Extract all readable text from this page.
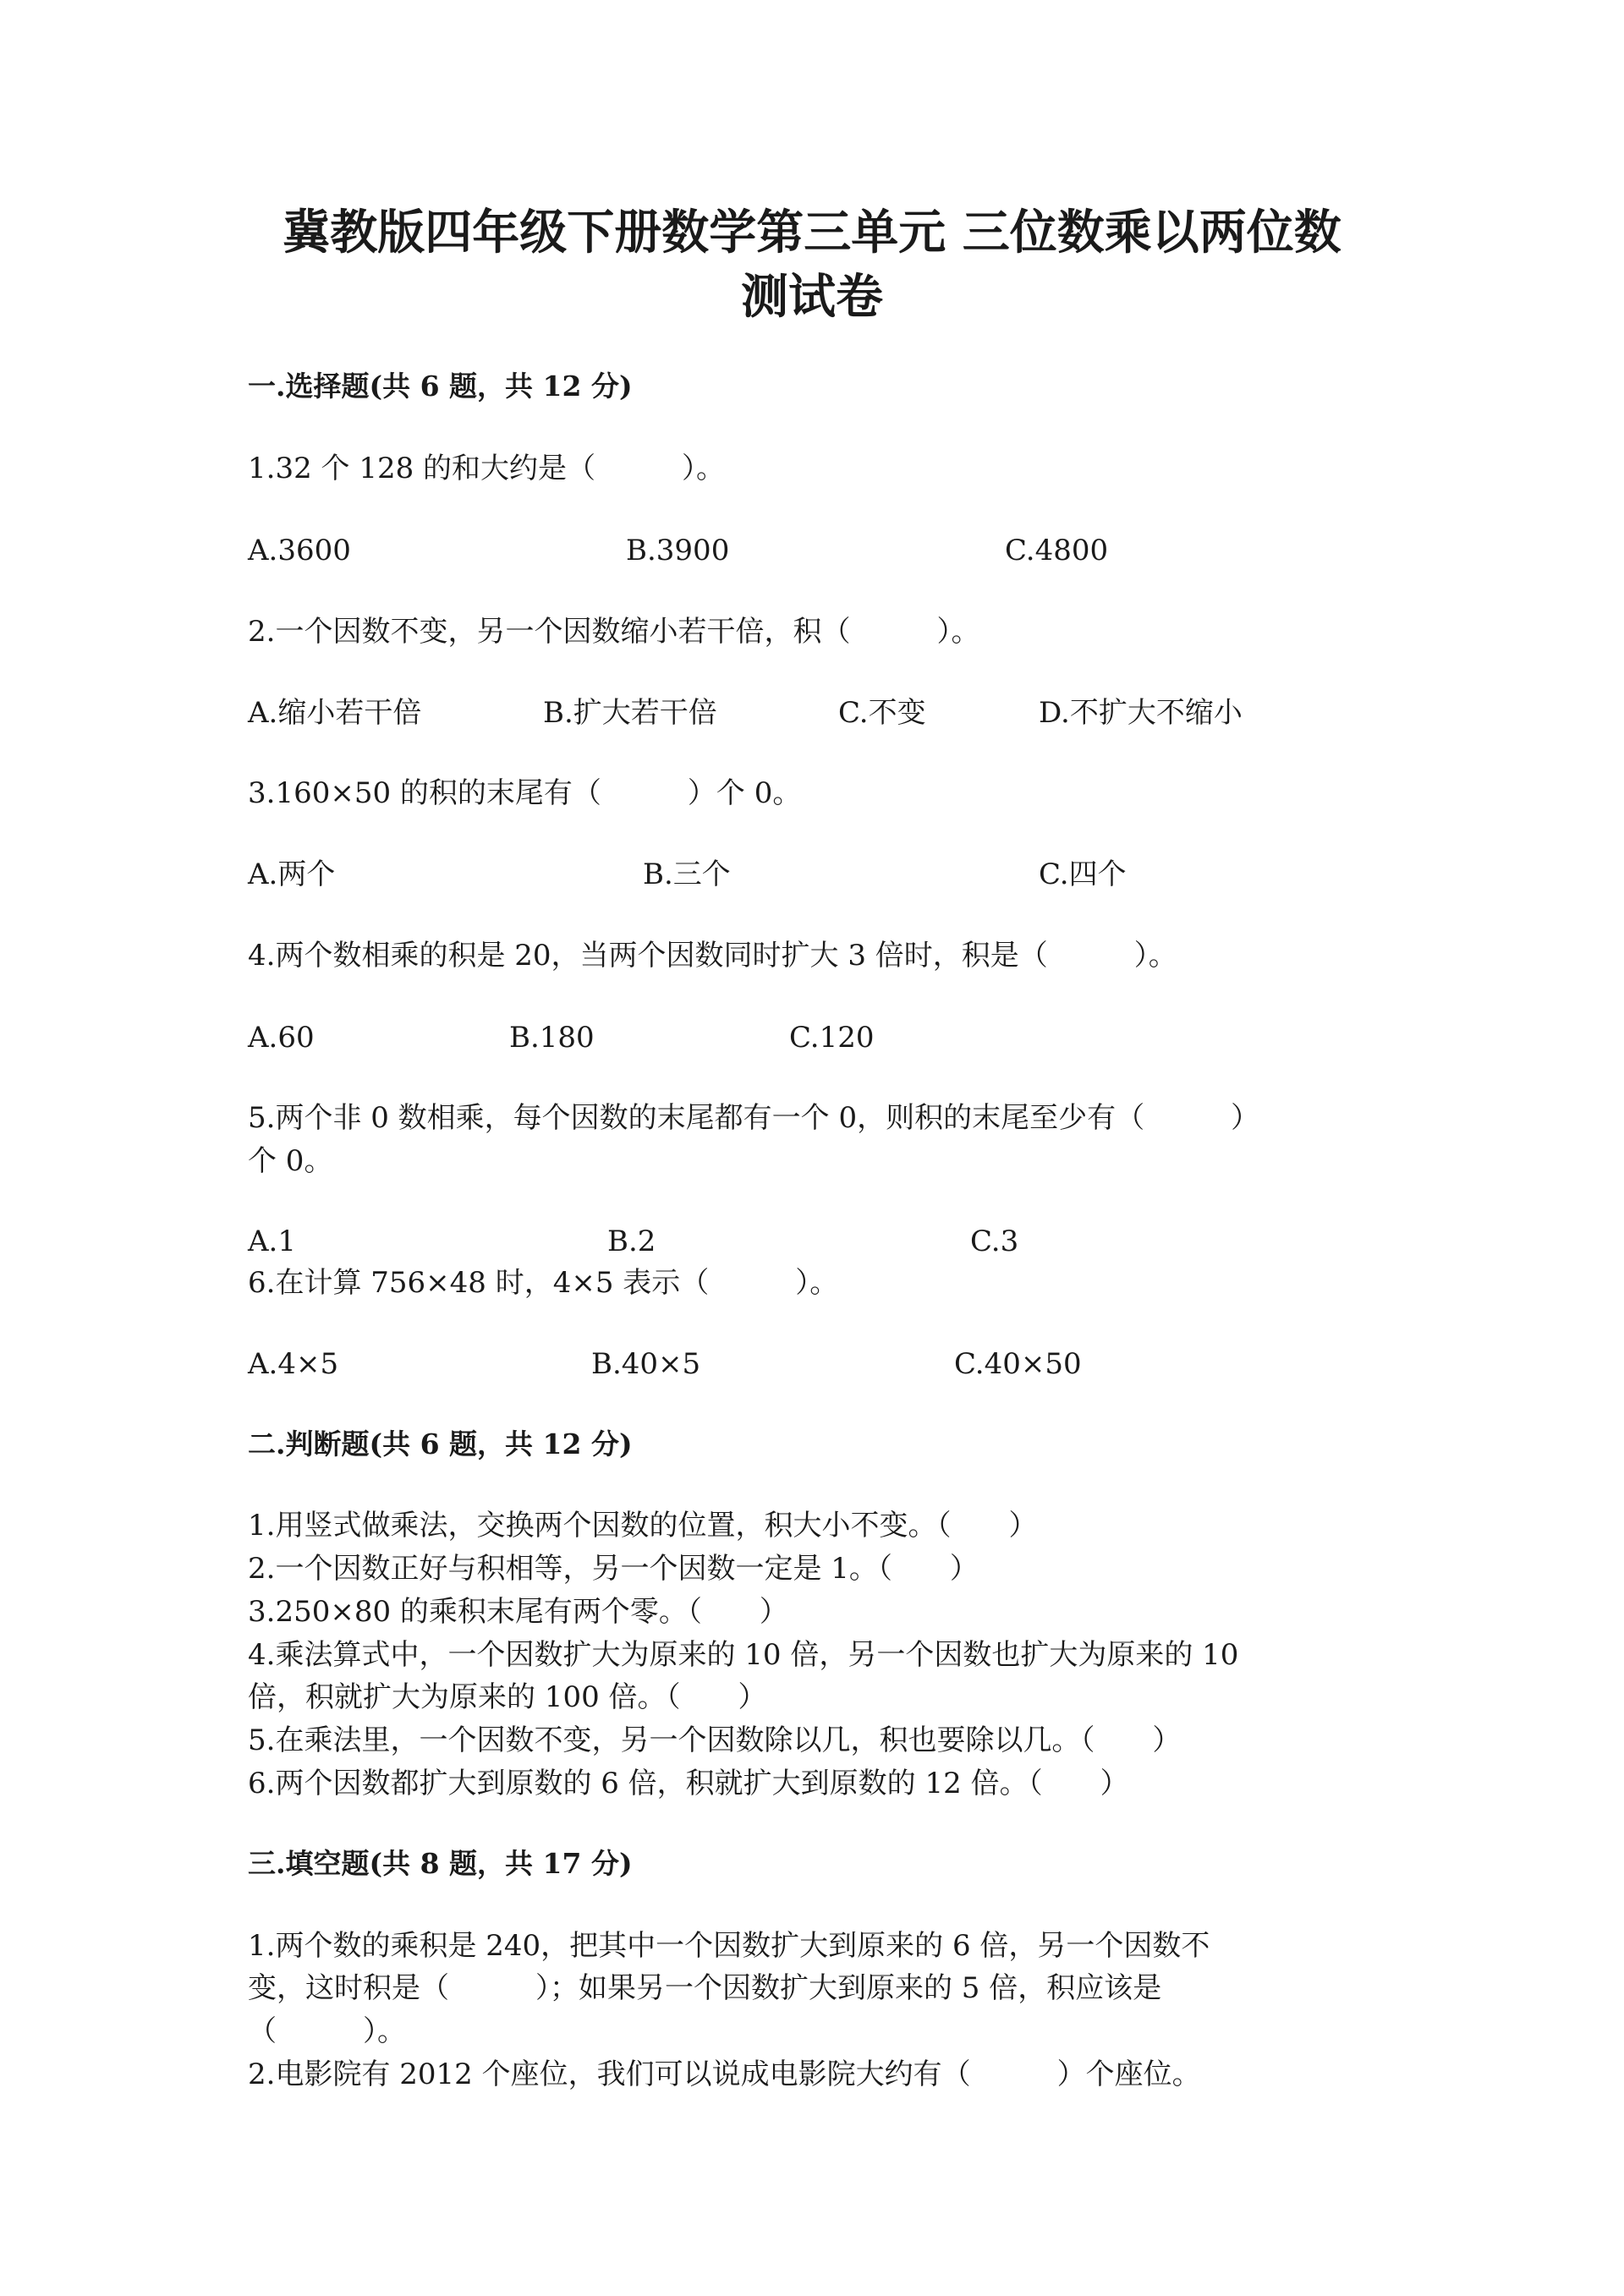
冀教版四年级下册数学第三单元 三位数乘以两位数
测试卷
一.选择题(共 6 题，共 12 分)

1.32 个 128 的和大约是（　　　）。

A.3600	B.3900	C.4800

2.一个因数不变，另一个因数缩小若干倍，积（　　　）。

A.缩小若干倍	B.扩大若干倍	C.不变	D.不扩大不缩小

3.160×50 的积的末尾有（　　　）个 0。

A.两个	B.三个	C.四个

4.两个数相乘的积是 20，当两个因数同时扩大 3 倍时，积是（　　　）。

A.60	B.180	C.120

5.两个非 0 数相乘，每个因数的末尾都有一个 0，则积的末尾至少有（　　　）

个 0。

A.1	B.2	C.3

6.在计算 756×48 时，4×5 表示（　　　）。

A.4×5	B.40×5	C.40×50
二.判断题(共 6 题，共 12 分)

1.用竖式做乘法，交换两个因数的位置，积大小不变。（　　）

2.一个因数正好与积相等，另一个因数一定是 1。（　　）

3.250×80 的乘积末尾有两个零。（　　）

4.乘法算式中，一个因数扩大为原来的 10 倍，另一个因数也扩大为原来的 10

倍，积就扩大为原来的 100 倍。（　　）

5.在乘法里，一个因数不变，另一个因数除以几，积也要除以几。（　　）

6.两个因数都扩大到原数的 6 倍，积就扩大到原数的 12 倍。（　　）

三.填空题(共 8 题，共 17 分)

1.两个数的乘积是 240，把其中一个因数扩大到原来的 6 倍，另一个因数不

变，这时积是（　　　）；如果另一个因数扩大到原来的 5 倍，积应该是

（　　　）。

2.电影院有 2012 个座位，我们可以说成电影院大约有（　　　）个座位。
